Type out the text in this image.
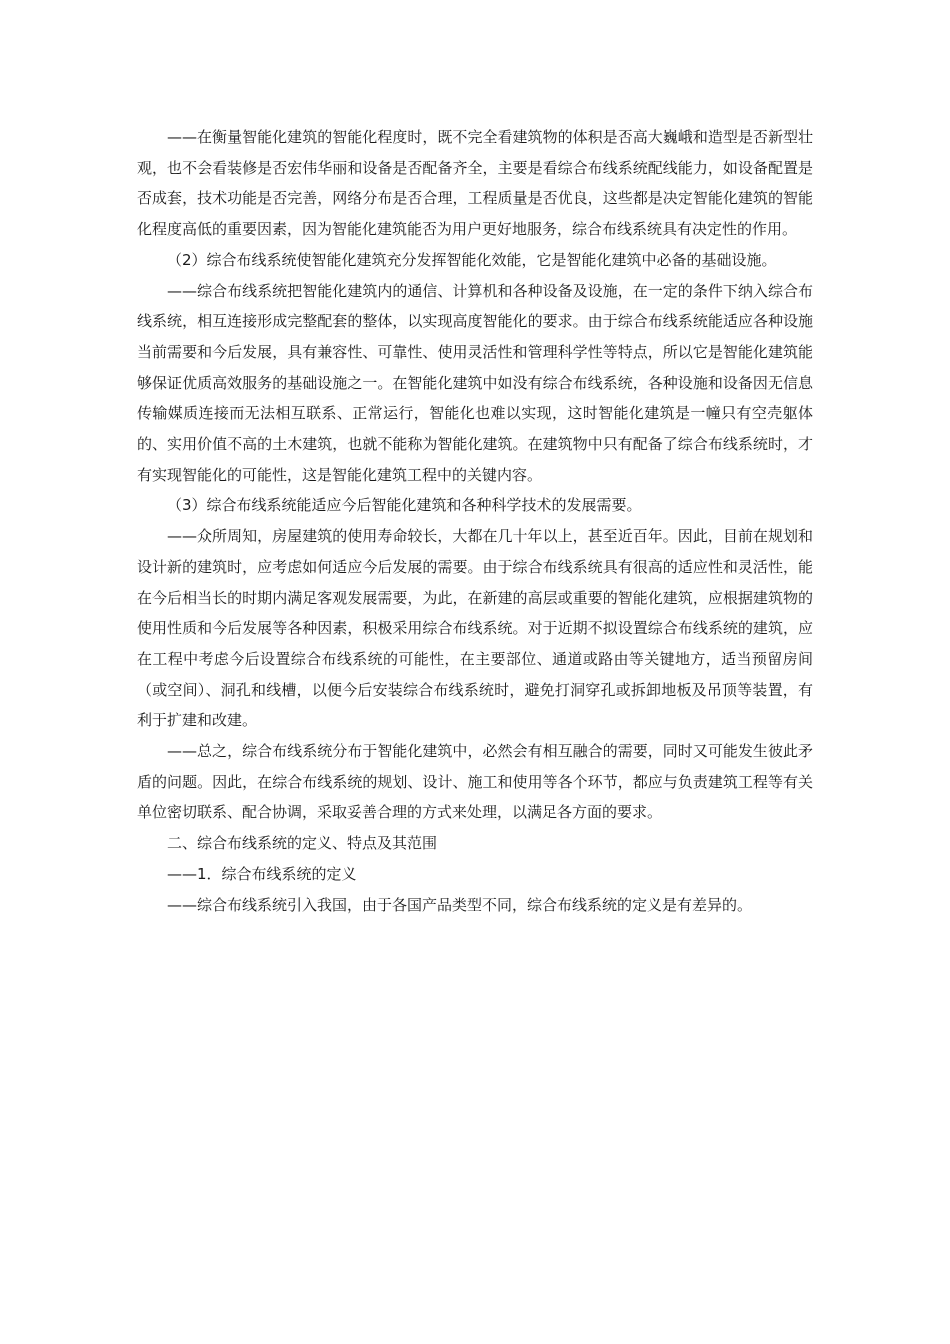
——在衡量智能化建筑的智能化程度时，既不完全看建筑物的体积是否高大巍峨和造型是否新型壮观，也不会看装修是否宏伟华丽和设备是否配备齐全，主要是看综合布线系统配线能力，如设备配置是否成套，技术功能是否完善，网络分布是否合理，工程质量是否优良，这些都是决定智能化建筑的智能化程度高低的重要因素，因为智能化建筑能否为用户更好地服务，综合布线系统具有决定性的作用。

（2）综合布线系统使智能化建筑充分发挥智能化效能，它是智能化建筑中必备的基础设施。

——综合布线系统把智能化建筑内的通信、计算机和各种设备及设施，在一定的条件下纳入综合布线系统，相互连接形成完整配套的整体，以实现高度智能化的要求。由于综合布线系统能适应各种设施当前需要和今后发展，具有兼容性、可靠性、使用灵活性和管理科学性等特点，所以它是智能化建筑能够保证优质高效服务的基础设施之一。在智能化建筑中如没有综合布线系统，各种设施和设备因无信息传输媒质连接而无法相互联系、正常运行，智能化也难以实现，这时智能化建筑是一幢只有空壳躯体的、实用价值不高的土木建筑，也就不能称为智能化建筑。在建筑物中只有配备了综合布线系统时，才有实现智能化的可能性，这是智能化建筑工程中的关键内容。

（3）综合布线系统能适应今后智能化建筑和各种科学技术的发展需要。

——众所周知，房屋建筑的使用寿命较长，大都在几十年以上，甚至近百年。因此，目前在规划和设计新的建筑时，应考虑如何适应今后发展的需要。由于综合布线系统具有很高的适应性和灵活性，能在今后相当长的时期内满足客观发展需要，为此，在新建的高层或重要的智能化建筑，应根据建筑物的使用性质和今后发展等各种因素，积极采用综合布线系统。对于近期不拟设置综合布线系统的建筑，应在工程中考虑今后设置综合布线系统的可能性，在主要部位、通道或路由等关键地方，适当预留房间（或空间）、洞孔和线槽，以便今后安装综合布线系统时，避免打洞穿孔或拆卸地板及吊顶等装置，有利于扩建和改建。

——总之，综合布线系统分布于智能化建筑中，必然会有相互融合的需要，同时又可能发生彼此矛盾的问题。因此，在综合布线系统的规划、设计、施工和使用等各个环节，都应与负责建筑工程等有关单位密切联系、配合协调，采取妥善合理的方式来处理，以满足各方面的要求。

二、综合布线系统的定义、特点及其范围

——1．综合布线系统的定义

——综合布线系统引入我国，由于各国产品类型不同，综合布线系统的定义是有差异的。
